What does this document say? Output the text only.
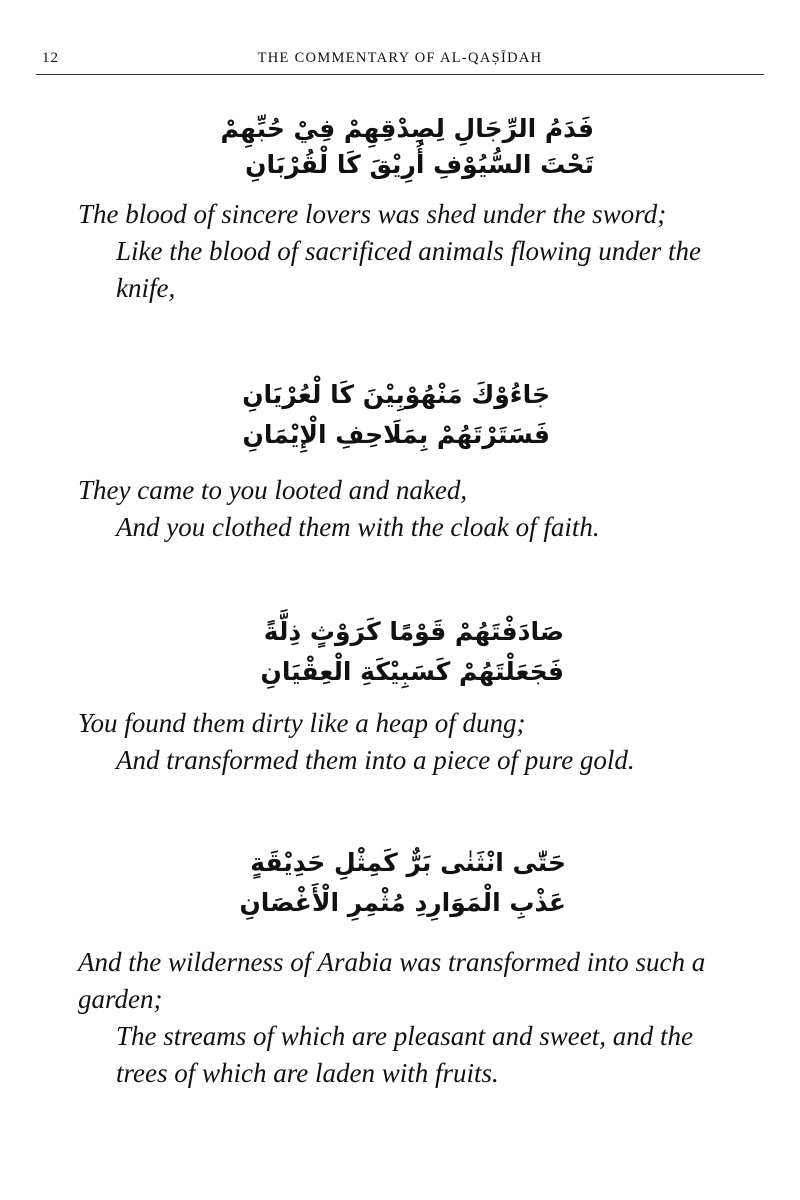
12	THE COMMENTARY OF AL-QAṢĪDAH
فَدَمُ الرِّجَالِ لِصِدْقِهِمْ فِيْ حُبِّهِمْ
تَحْتَ السُّيُوْفِ أُرِيْقَ كَا لْقُرْبَانِ

The blood of sincere lovers was shed under the sword;

Like the blood of sacrificed animals flowing under the knife,

جَاءُوْكَ مَنْهُوْبِيْنَ كَا لْعُرْيَانِ
فَسَتَرْتَهُمْ بِمَلَاحِفِ الْإِيْمَانِ

They came to you looted and naked,

And you clothed them with the cloak of faith.

صَادَفْتَهُمْ قَوْمًا كَرَوْثٍ ذِلَّةً
فَجَعَلْتَهُمْ كَسَبِيْكَةِ الْعِقْيَانِ

You found them dirty like a heap of dung;

And transformed them into a piece of pure gold.

حَتّٰى انْثَنٰى بَرٌّ كَمِثْلِ حَدِيْقَةٍ
عَذْبِ الْمَوَارِدِ مُثْمِرِ الْأَغْصَانِ

And the wilderness of Arabia was transformed into such a garden;

The streams of which are pleasant and sweet, and the trees of which are laden with fruits.
